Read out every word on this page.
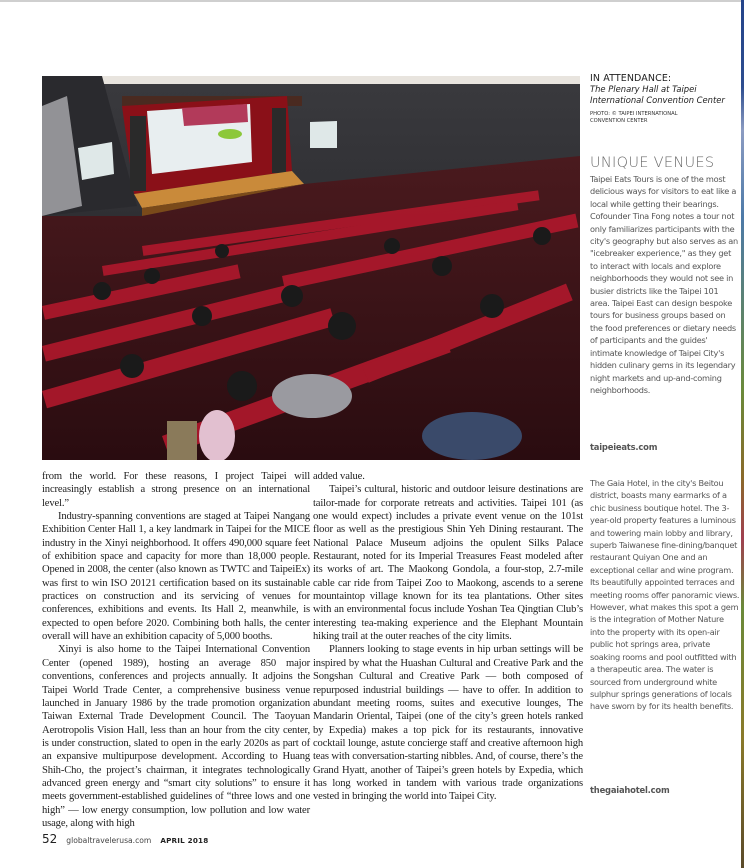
IN ATTENDANCE:
The Plenary Hall at Taipei
International Convention Center
PHOTO: © TAIPEI INTERNATIONAL
CONVENTION CENTER
UNIQUE VENUES
Taipei Eats Tours is one of the most delicious ways for visitors to eat like a local while getting their bearings. Cofounder Tina Fong notes a tour not only familiarizes participants with the city's geography but also serves as an "icebreaker experience," as they get to interact with locals and explore neighborhoods they would not see in busier districts like the Taipei 101 area. Taipei East can design bespoke tours for business groups based on the food preferences or dietary needs of participants and the guides' intimate knowledge of Taipei City's hidden culinary gems in its legendary night markets and up-and-coming neighborhoods.
taipeieats.com
The Gaia Hotel, in the city's Beitou district, boasts many earmarks of a chic business boutique hotel. The 3-year-old property features a luminous and towering main lobby and library, superb Taiwanese fine-dining/banquet restaurant Quiyan One and an exceptional cellar and wine program. Its beautifully appointed terraces and meeting rooms offer panoramic views. However, what makes this spot a gem is the integration of Mother Nature into the property with its open-air public hot springs area, private soaking rooms and pool outfitted with a therapeutic area. The water is sourced from underground white sulphur springs generations of locals have sworn by for its health benefits.
thegaiahotel.com

from the world. For these reasons, I project Taipei will increasingly establish a strong presence on an international level.”

Industry-spanning conventions are staged at Taipei Nangang Exhibition Center Hall 1, a key landmark in Taipei for the MICE industry in the Xinyi neighborhood. It offers 490,000 square feet of exhibition space and capacity for more than 18,000 people. Opened in 2008, the center (also known as TWTC and TaipeiEx) was first to win ISO 20121 certification based on its sustainable practices on construction and its servicing of venues for conferences, exhibitions and events. Its Hall 2, meanwhile, is expected to open before 2020. Combining both halls, the center overall will have an exhibition capacity of 5,000 booths.

Xinyi is also home to the Taipei International Convention Center (opened 1989), hosting an average 850 major conventions, conferences and projects annually. It adjoins the Taipei World Trade Center, a comprehensive business venue launched in January 1986 by the trade promotion organization Taiwan External Trade Development Council. The Taoyuan Aerotropolis Vision Hall, less than an hour from the city center, is under construction, slated to open in the early 2020s as part of an expansive multipurpose development. According to Huang Shih-Cho, the project’s chairman, it integrates technologically advanced green energy and “smart city solutions” to ensure it meets government-established guidelines of “three lows and one high” — low energy consumption, low pollution and low water usage, along with high

added value.

Taipei’s cultural, historic and outdoor leisure destinations are tailor-made for corporate retreats and activities. Taipei 101 (as one would expect) includes a private event venue on the 101st floor as well as the prestigious Shin Yeh Dining restaurant. The National Palace Museum adjoins the opulent Silks Palace Restaurant, noted for its Imperial Treasures Feast modeled after its works of art. The Maokong Gondola, a four-stop, 2.7-mile cable car ride from Taipei Zoo to Maokong, ascends to a serene mountaintop village known for its tea plantations. Other sites with an environmental focus include Yoshan Tea Qingtian Club’s interesting tea-making experience and the Elephant Mountain hiking trail at the outer reaches of the city limits.

Planners looking to stage events in hip urban settings will be inspired by what the Huashan Cultural and Creative Park and the Songshan Cultural and Creative Park — both composed of repurposed industrial buildings — have to offer. In addition to abundant meeting rooms, suites and executive lounges, The Mandarin Oriental, Taipei (one of the city’s green hotels ranked by Expedia) makes a top pick for its restaurants, innovative cocktail lounge, astute concierge staff and creative afternoon high teas with conversation-starting nibbles. And, of course, there’s the Grand Hyatt, another of Taipei’s green hotels by Expedia, which has long worked in tandem with various trade organizations vested in bringing the world into Taipei City.

52 globaltravelerusa.com APRIL 2018
